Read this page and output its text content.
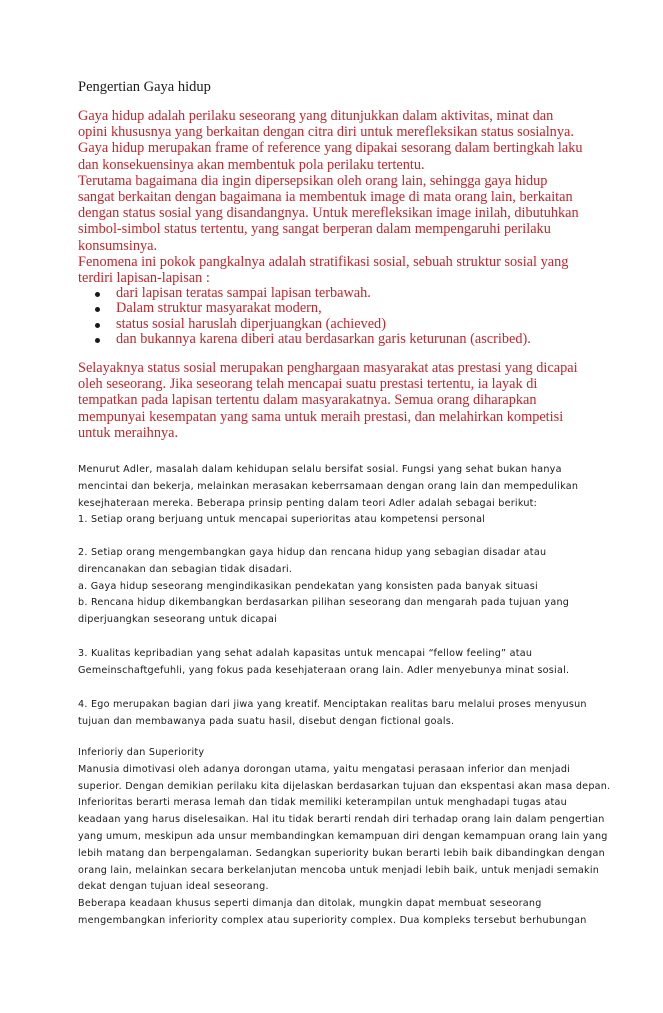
Pengertian Gaya hidup
Gaya hidup adalah perilaku seseorang yang ditunjukkan dalam aktivitas, minat dan
opini khususnya yang berkaitan dengan citra diri untuk merefleksikan status sosialnya.
Gaya hidup merupakan frame of reference yang dipakai sesorang dalam bertingkah laku
dan konsekuensinya akan membentuk pola perilaku tertentu.
Terutama bagaimana dia ingin dipersepsikan oleh orang lain, sehingga gaya hidup
sangat berkaitan dengan bagaimana ia membentuk image di mata orang lain, berkaitan
dengan status sosial yang disandangnya. Untuk merefleksikan image inilah, dibutuhkan
simbol-simbol status tertentu, yang sangat berperan dalam mempengaruhi perilaku
konsumsinya.
Fenomena ini pokok pangkalnya adalah stratifikasi sosial, sebuah struktur sosial yang
terdiri lapisan-lapisan :
dari lapisan teratas sampai lapisan terbawah.
Dalam struktur masyarakat modern,
status sosial haruslah diperjuangkan (achieved)
dan bukannya karena diberi atau berdasarkan garis keturunan (ascribed).
Selayaknya status sosial merupakan penghargaan masyarakat atas prestasi yang dicapai
oleh seseorang. Jika seseorang telah mencapai suatu prestasi tertentu, ia layak di
tempatkan pada lapisan tertentu dalam masyarakatnya. Semua orang diharapkan
mempunyai kesempatan yang sama untuk meraih prestasi, dan melahirkan kompetisi
untuk meraihnya.
Menurut Adler, masalah dalam kehidupan selalu bersifat sosial. Fungsi yang sehat bukan hanya
mencintai dan bekerja, melainkan merasakan keberrsamaan dengan orang lain dan mempedulikan
kesejhateraan mereka. Beberapa prinsip penting dalam teori Adler adalah sebagai berikut:
1. Setiap orang berjuang untuk mencapai superioritas atau kompetensi personal
2. Setiap orang mengembangkan gaya hidup dan rencana hidup yang sebagian disadar atau
direncanakan dan sebagian tidak disadari.
a. Gaya hidup seseorang mengindikasikan pendekatan yang konsisten pada banyak situasi
b. Rencana hidup dikembangkan berdasarkan pilihan seseorang dan mengarah pada tujuan yang
diperjuangkan seseorang untuk dicapai
3. Kualitas kepribadian yang sehat adalah kapasitas untuk mencapai “fellow feeling” atau
Gemeinschaftgefuhli, yang fokus pada kesehjateraan orang lain. Adler menyebunya minat sosial.
4. Ego merupakan bagian dari jiwa yang kreatif. Menciptakan realitas baru melalui proses menyusun
tujuan dan membawanya pada suatu hasil, disebut dengan fictional goals.
Inferioriy dan Superiority
Manusia dimotivasi oleh adanya dorongan utama, yaitu mengatasi perasaan inferior dan menjadi
superior. Dengan demikian perilaku kita dijelaskan berdasarkan tujuan dan ekspentasi akan masa depan.
Inferioritas berarti merasa lemah dan tidak memiliki keterampilan untuk menghadapi tugas atau
keadaan yang harus diselesaikan. Hal itu tidak berarti rendah diri terhadap orang lain dalam pengertian
yang umum, meskipun ada unsur membandingkan kemampuan diri dengan kemampuan orang lain yang
lebih matang dan berpengalaman. Sedangkan superiority bukan berarti lebih baik dibandingkan dengan
orang lain, melainkan secara berkelanjutan mencoba untuk menjadi lebih baik, untuk menjadi semakin
dekat dengan tujuan ideal seseorang.
Beberapa keadaan khusus seperti dimanja dan ditolak, mungkin dapat membuat seseorang
mengembangkan inferiority complex atau superiority complex. Dua kompleks tersebut berhubungan
